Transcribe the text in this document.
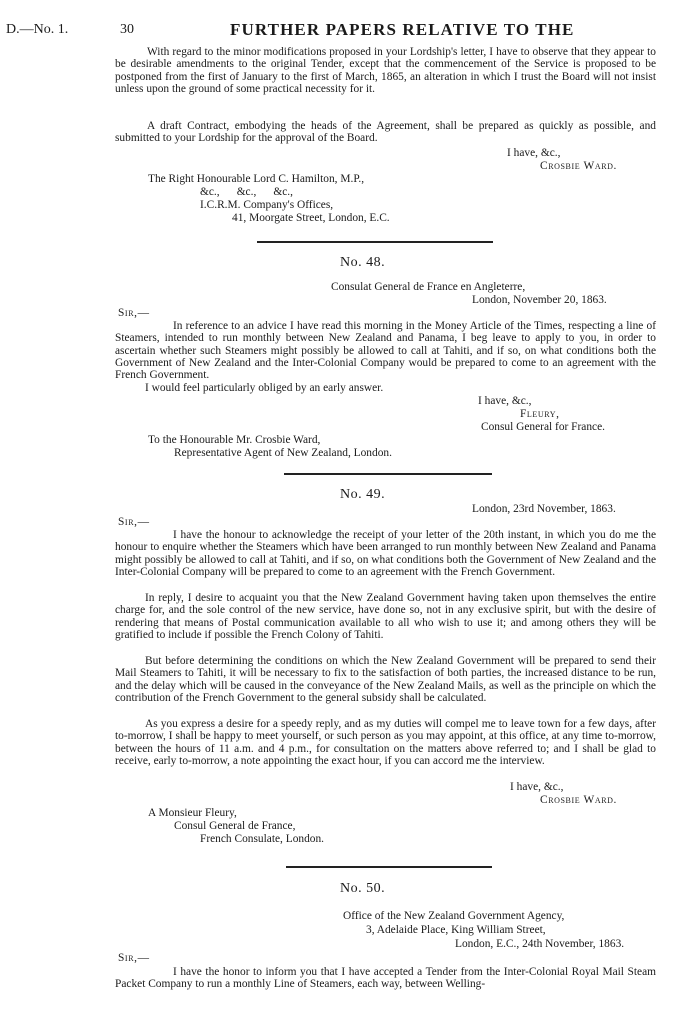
D.—No. 1.	30	FURTHER PAPERS RELATIVE TO THE

With regard to the minor modifications proposed in your Lordship's letter, I have to observe that they appear to be desirable amendments to the original Tender, except that the commencement of the Service is proposed to be postponed from the first of January to the first of March, 1865, an alteration in which I trust the Board will not insist unless upon the ground of some practical necessity for it.

A draft Contract, embodying the heads of the Agreement, shall be prepared as quickly as possible, and submitted to your Lordship for the approval of the Board.

I have, &c.,
Crosbie Ward.
The Right Honourable Lord C. Hamilton, M.P.,
&c.,      &c.,      &c.,
I.C.R.M. Company's Offices,
41, Moorgate Street, London, E.C.
No. 48.
Consulat General de France en Angleterre,
London, November 20, 1863.
Sir,—

In reference to an advice I have read this morning in the Money Article of the Times, respecting a line of Steamers, intended to run monthly between New Zealand and Panama, I beg leave to apply to you, in order to ascertain whether such Steamers might possibly be allowed to call at Tahiti, and if so, on what conditions both the Government of New Zealand and the Inter-Colonial Company would be prepared to come to an agreement with the French Government.

I would feel particularly obliged by an early answer.

I have, &c.,
Fleury,
Consul General for France.
To the Honourable Mr. Crosbie Ward,
Representative Agent of New Zealand, London.
No. 49.
London, 23rd November, 1863.
Sir,—

I have the honour to acknowledge the receipt of your letter of the 20th instant, in which you do me the honour to enquire whether the Steamers which have been arranged to run monthly between New Zealand and Panama might possibly be allowed to call at Tahiti, and if so, on what conditions both the Government of New Zealand and the Inter-Colonial Company will be prepared to come to an agreement with the French Government.

In reply, I desire to acquaint you that the New Zealand Government having taken upon themselves the entire charge for, and the sole control of the new service, have done so, not in any exclusive spirit, but with the desire of rendering that means of Postal communication available to all who wish to use it; and among others they will be gratified to include if possible the French Colony of Tahiti.

But before determining the conditions on which the New Zealand Government will be prepared to send their Mail Steamers to Tahiti, it will be necessary to fix to the satisfaction of both parties, the increased distance to be run, and the delay which will be caused in the conveyance of the New Zealand Mails, as well as the principle on which the contribution of the French Government to the general subsidy shall be calculated.

As you express a desire for a speedy reply, and as my duties will compel me to leave town for a few days, after to-morrow, I shall be happy to meet yourself, or such person as you may appoint, at this office, at any time to-morrow, between the hours of 11 a.m. and 4 p.m., for consultation on the matters above referred to; and I shall be glad to receive, early to-morrow, a note appointing the exact hour, if you can accord me the interview.

I have, &c.,
Crosbie Ward.
A Monsieur Fleury,
Consul General de France,
French Consulate, London.
No. 50.
Office of the New Zealand Government Agency,
3, Adelaide Place, King William Street,
London, E.C., 24th November, 1863.
Sir,—

I have the honor to inform you that I have accepted a Tender from the Inter-Colonial Royal Mail Steam Packet Company to run a monthly Line of Steamers, each way, between Welling-
